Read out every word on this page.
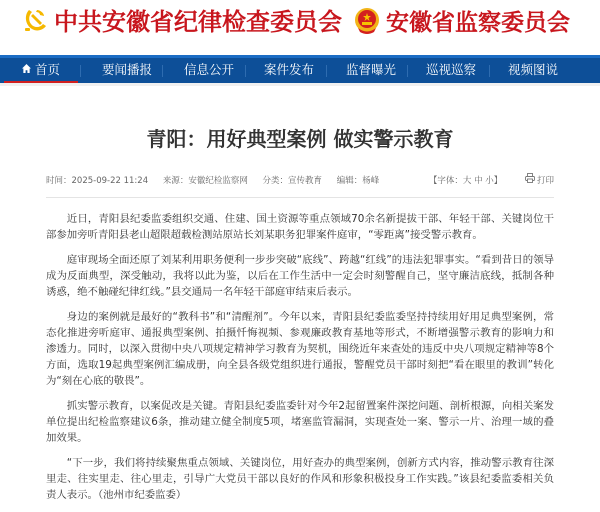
中共安徽省纪律检查委员会 安徽省监察委员会
首页	要闻播报	信息公开	案件发布	监督曝光	巡视巡察	视频图说
青阳：用好典型案例 做实警示教育
时间：2025-09-22 11:24 来源：安徽纪检监察网 分类：宣传教育 编辑：杨峰	【字体：大 中 小】	打印

近日，青阳县纪委监委组织交通、住建、国土资源等重点领域70余名新提拔干部、年轻干部、关键岗位干部参加旁听青阳县老山超限超载检测站原站长刘某职务犯罪案件庭审，“零距离”接受警示教育。

庭审现场全面还原了刘某利用职务便利一步步突破“底线”、跨越“红线”的违法犯罪事实。“看到昔日的领导成为反面典型，深受触动，我将以此为鉴，以后在工作生活中一定会时刻警醒自己，坚守廉洁底线，抵制各种诱惑，绝不触碰纪律红线。”县交通局一名年轻干部庭审结束后表示。

身边的案例就是最好的“教科书”和“清醒剂”。今年以来，青阳县纪委监委坚持持续用好用足典型案例，常态化推进旁听庭审、通报典型案例、拍摄忏悔视频、参观廉政教育基地等形式，不断增强警示教育的影响力和渗透力。同时，以深入贯彻中央八项规定精神学习教育为契机，围绕近年来查处的违反中央八项规定精神等8个方面，选取19起典型案例汇编成册，向全县各级党组织进行通报，警醒党员干部时刻把“看在眼里的教训”转化为“刻在心底的敬畏”。

抓实警示教育，以案促改是关键。青阳县纪委监委针对今年2起留置案件深挖问题、剖析根源，向相关案发单位提出纪检监察建议6条，推动建立健全制度5项，堵塞监管漏洞，实现查处一案、警示一片、治理一域的叠加效果。

“下一步，我们将持续聚焦重点领域、关键岗位，用好查办的典型案例，创新方式内容，推动警示教育往深里走、往实里走、往心里走，引导广大党员干部以良好的作风和形象积极投身工作实践。”该县纪委监委相关负责人表示。（池州市纪委监委）
